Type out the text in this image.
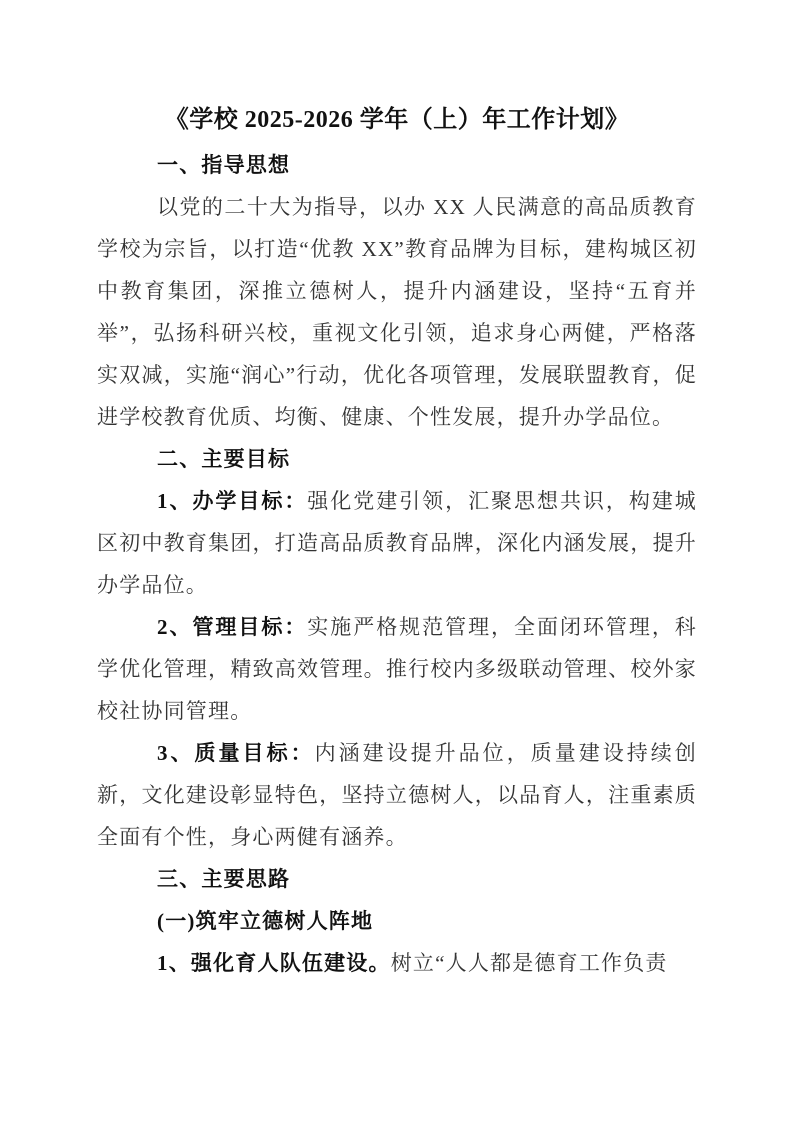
《学校 2025-2026 学年（上）年工作计划》
一、指导思想

以党的二十大为指导，以办 XX 人民满意的高品质教育学校为宗旨，以打造“优教 XX”教育品牌为目标，建构城区初中教育集团，深推立德树人，提升内涵建设，坚持“五育并举”，弘扬科研兴校，重视文化引领，追求身心两健，严格落实双减，实施“润心”行动，优化各项管理，发展联盟教育，促进学校教育优质、均衡、健康、个性发展，提升办学品位。

二、主要目标

1、办学目标：强化党建引领，汇聚思想共识，构建城区初中教育集团，打造高品质教育品牌，深化内涵发展，提升办学品位。

2、管理目标：实施严格规范管理，全面闭环管理，科学优化管理，精致高效管理。推行校内多级联动管理、校外家校社协同管理。

3、质量目标：内涵建设提升品位，质量建设持续创新，文化建设彰显特色，坚持立德树人，以品育人，注重素质全面有个性，身心两健有涵养。

三、主要思路
(一)筑牢立德树人阵地

1、强化育人队伍建设。树立“人人都是德育工作负责
